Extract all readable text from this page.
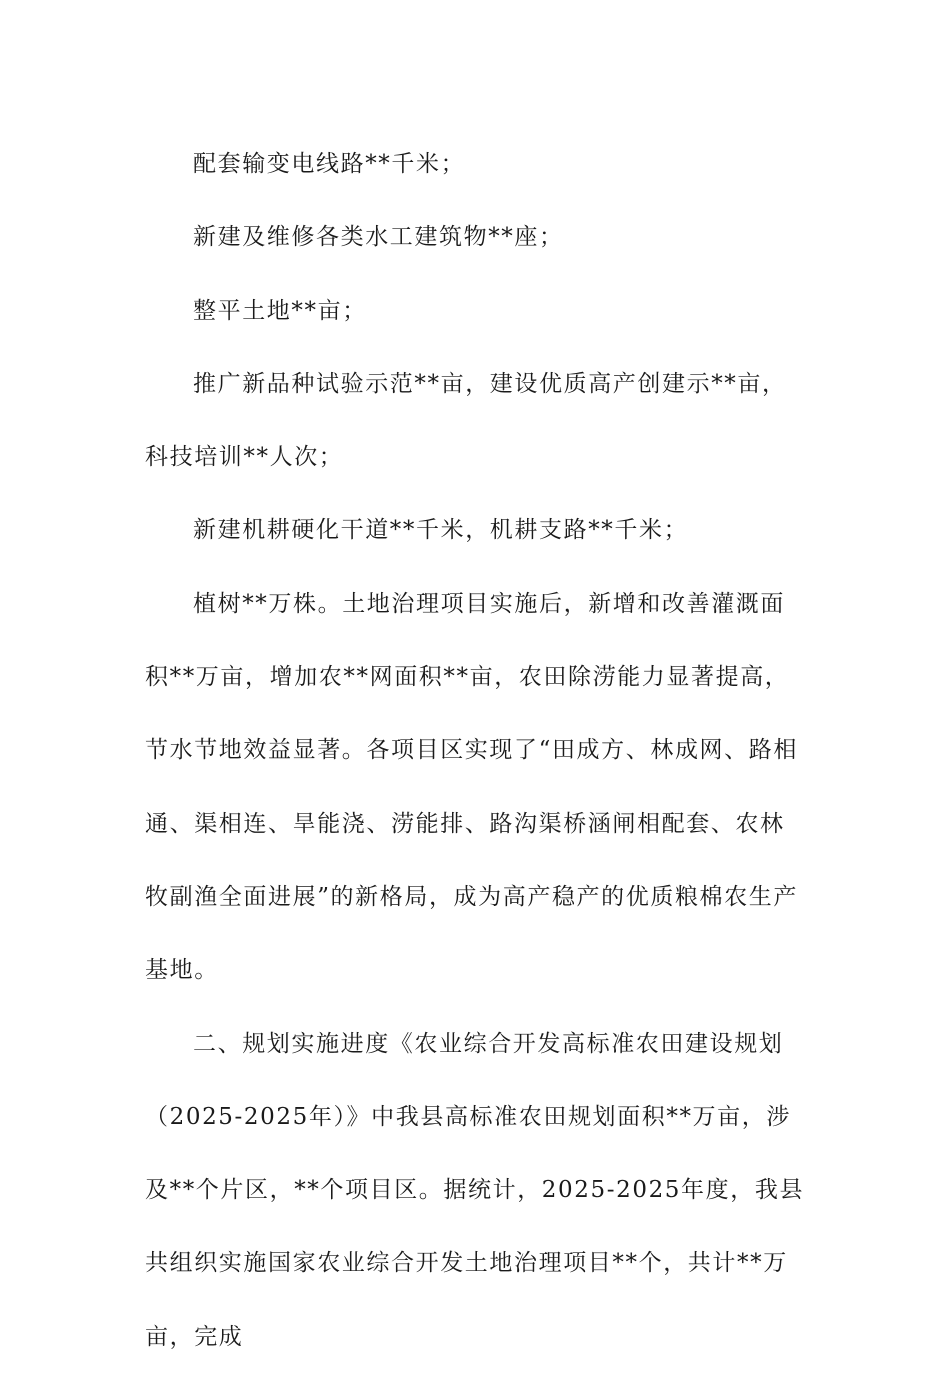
配套输变电线路**千米；

新建及维修各类水工建筑物**座；

整平土地**亩；

推广新品种试验示范**亩，建设优质高产创建示**亩，科技培训**人次；

新建机耕硬化干道**千米，机耕支路**千米；

植树**万株。土地治理项目实施后，新增和改善灌溉面积**万亩，增加农**网面积**亩，农田除涝能力显著提高，节水节地效益显著。各项目区实现了“田成方、林成网、路相通、渠相连、旱能浇、涝能排、路沟渠桥涵闸相配套、农林牧副渔全面进展”的新格局，成为高产稳产的优质粮棉农生产基地。

二、规划实施进度《农业综合开发高标准农田建设规划（2025-2025年）》中我县高标准农田规划面积**万亩，涉及**个片区，**个项目区。据统计，2025-2025年度，我县共组织实施国家农业综合开发土地治理项目**个，共计**万亩，完成
